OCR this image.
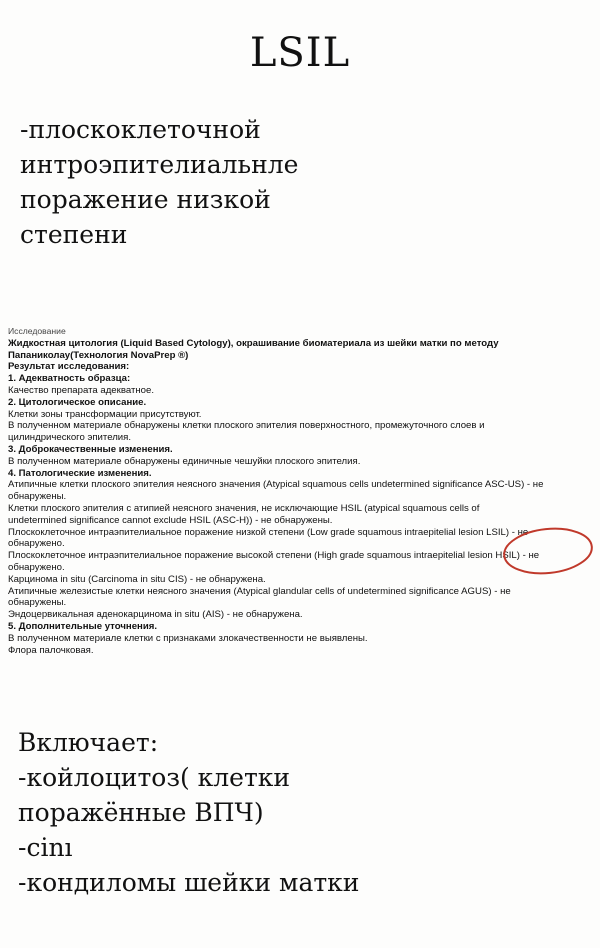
LSIL
-плоскоклеточной
интроэпителиальнле
поражение низкой
степени
Исследование
Жидкостная цитология (Liquid Based Cytology), окрашивание биоматериала из шейки матки по методу
Папаниколау(Технология NovaPrep ®)
Результат исследования:
1. Адекватность образца:
Качество препарата адекватное.
2. Цитологическое описание.
Клетки зоны трансформации присутствуют.
В полученном материале обнаружены клетки плоского эпителия поверхностного, промежуточного слоев и
цилиндрического эпителия.
3. Доброкачественные изменения.
В полученном материале обнаружены единичные чешуйки плоского эпителия.
4. Патологические изменения.
Атипичные клетки плоского эпителия неясного значения (Atypical squamous cells undetermined significance ASC-US) - не
обнаружены.
Клетки плоского эпителия с атипией неясного значения, не исключающие HSIL (atypical squamous cells of
undetermined significance cannot exclude HSIL (ASC-H)) - не обнаружены.
Плоскоклеточное интраэпителиальное поражение низкой степени (Low grade squamous intraepitelial lesion LSIL) - не
обнаружено.
Плоскоклеточное интраэпителиальное поражение высокой степени (High grade squamous intraepitelial lesion HSIL) - не
обнаружено.
Карцинома in situ (Carcinoma in situ CIS) - не обнаружена.
Атипичные железистые клетки неясного значения (Atypical glandular cells of undetermined significance AGUS) - не
обнаружены.
Эндоцервикальная аденокарцинома in situ (AIS) - не обнаружена.
5. Дополнительные уточнения.
В полученном материале клетки с признаками злокачественности не выявлены.
Флора палочковая.
Включает:
-койлоцитоз( клетки
поражённые ВПЧ)
-cinı
-кондиломы шейки матки
